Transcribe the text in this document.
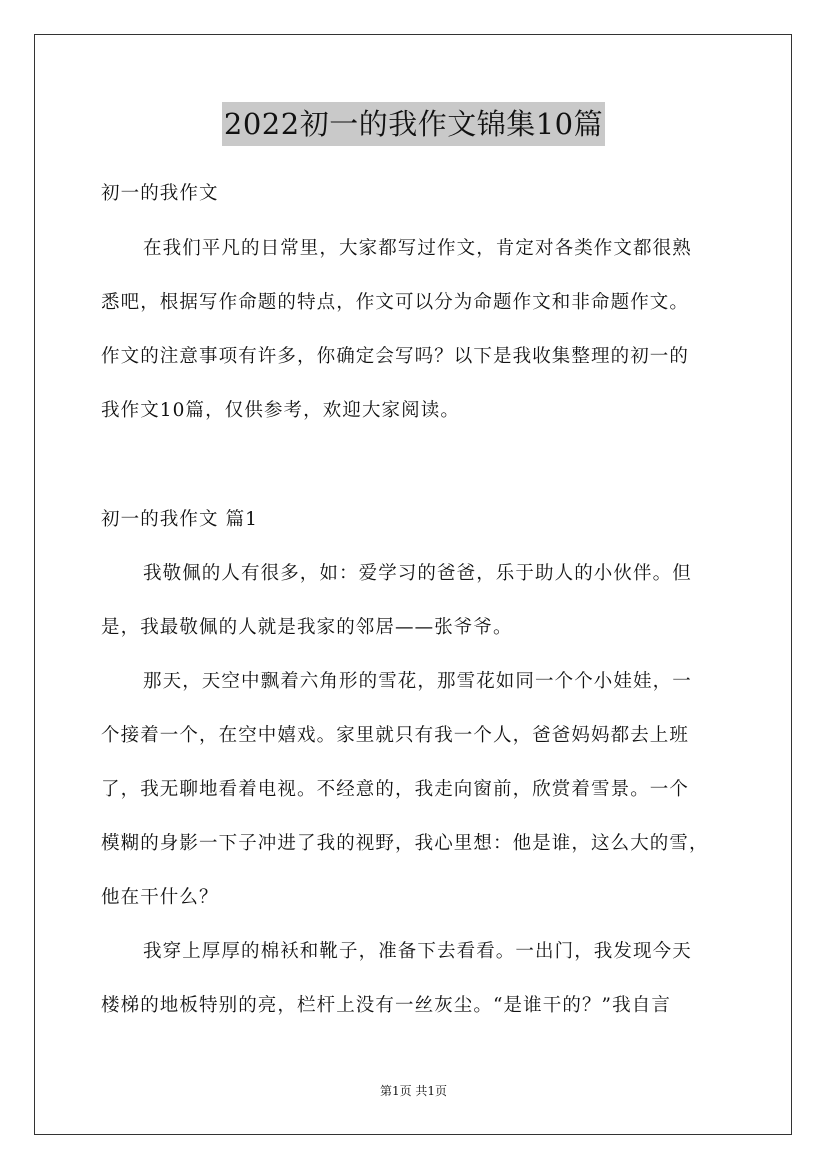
2022初一的我作文锦集10篇
初一的我作文
在我们平凡的日常里，大家都写过作文，肯定对各类作文都很熟
悉吧，根据写作命题的特点，作文可以分为命题作文和非命题作文。
作文的注意事项有许多，你确定会写吗？以下是我收集整理的初一的
我作文10篇，仅供参考，欢迎大家阅读。
初一的我作文 篇1
我敬佩的人有很多，如：爱学习的爸爸，乐于助人的小伙伴。但
是，我最敬佩的人就是我家的邻居——张爷爷。
那天，天空中飘着六角形的雪花，那雪花如同一个个小娃娃，一
个接着一个，在空中嬉戏。家里就只有我一个人，爸爸妈妈都去上班
了，我无聊地看着电视。不经意的，我走向窗前，欣赏着雪景。一个
模糊的身影一下子冲进了我的视野，我心里想：他是谁，这么大的雪，
他在干什么？
我穿上厚厚的棉袄和靴子，准备下去看看。一出门，我发现今天
楼梯的地板特别的亮，栏杆上没有一丝灰尘。“是谁干的？”我自言
第1页 共1页
